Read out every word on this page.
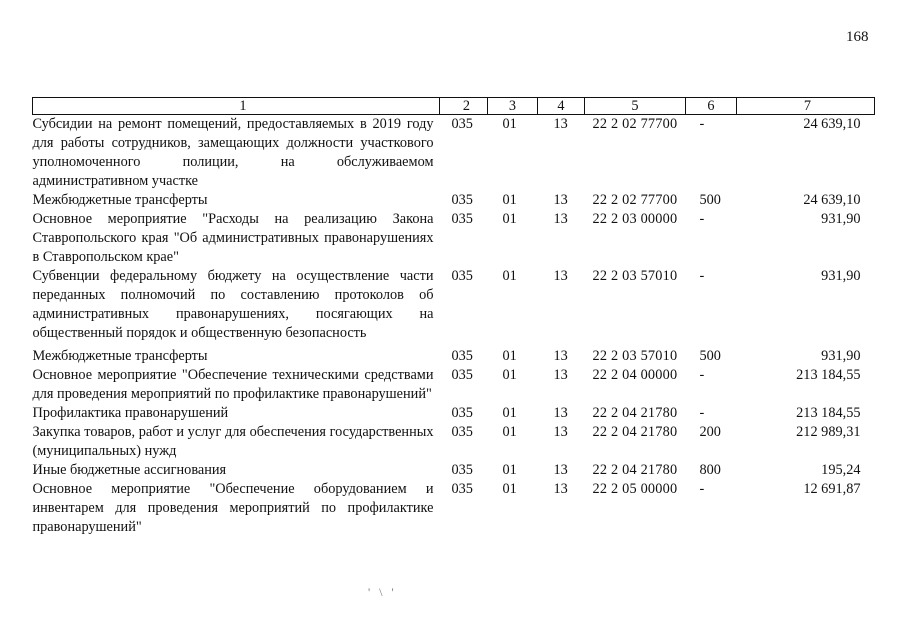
168
1	2	3	4	5	6	7
Субсидии на ремонт помещений, предоставляемых в 2019 году для работы сотрудников, замещающих должности участкового уполномоченного полиции, на обслуживаемом административном участке	035	01	13	22 2 02 77700	-	24 639,10
Межбюджетные трансферты	035	01	13	22 2 02 77700	500	24 639,10
Основное мероприятие "Расходы на реализацию Закона Ставропольского края "Об административных правонарушениях в Ставропольском крае"	035	01	13	22 2 03 00000	-	931,90
Субвенции федеральному бюджету на осуществление части переданных полномочий по составлению протоколов об административных правонарушениях, посягающих на общественный порядок и общественную безопасность	035	01	13	22 2 03 57010	-	931,90
Межбюджетные трансферты	035	01	13	22 2 03 57010	500	931,90
Основное мероприятие "Обеспечение техническими средствами для проведения мероприятий по профилактике правонарушений"	035	01	13	22 2 04 00000	-	213 184,55
Профилактика правонарушений	035	01	13	22 2 04 21780	-	213 184,55
Закупка товаров, работ и услуг для обеспечения государственных (муниципальных) нужд	035	01	13	22 2 04 21780	200	212 989,31
Иные бюджетные ассигнования	035	01	13	22 2 04 21780	800	195,24
Основное мероприятие "Обеспечение оборудованием и инвентарем для проведения мероприятий по профилактике правонарушений"	035	01	13	22 2 05 00000	-	12 691,87
' \ '
